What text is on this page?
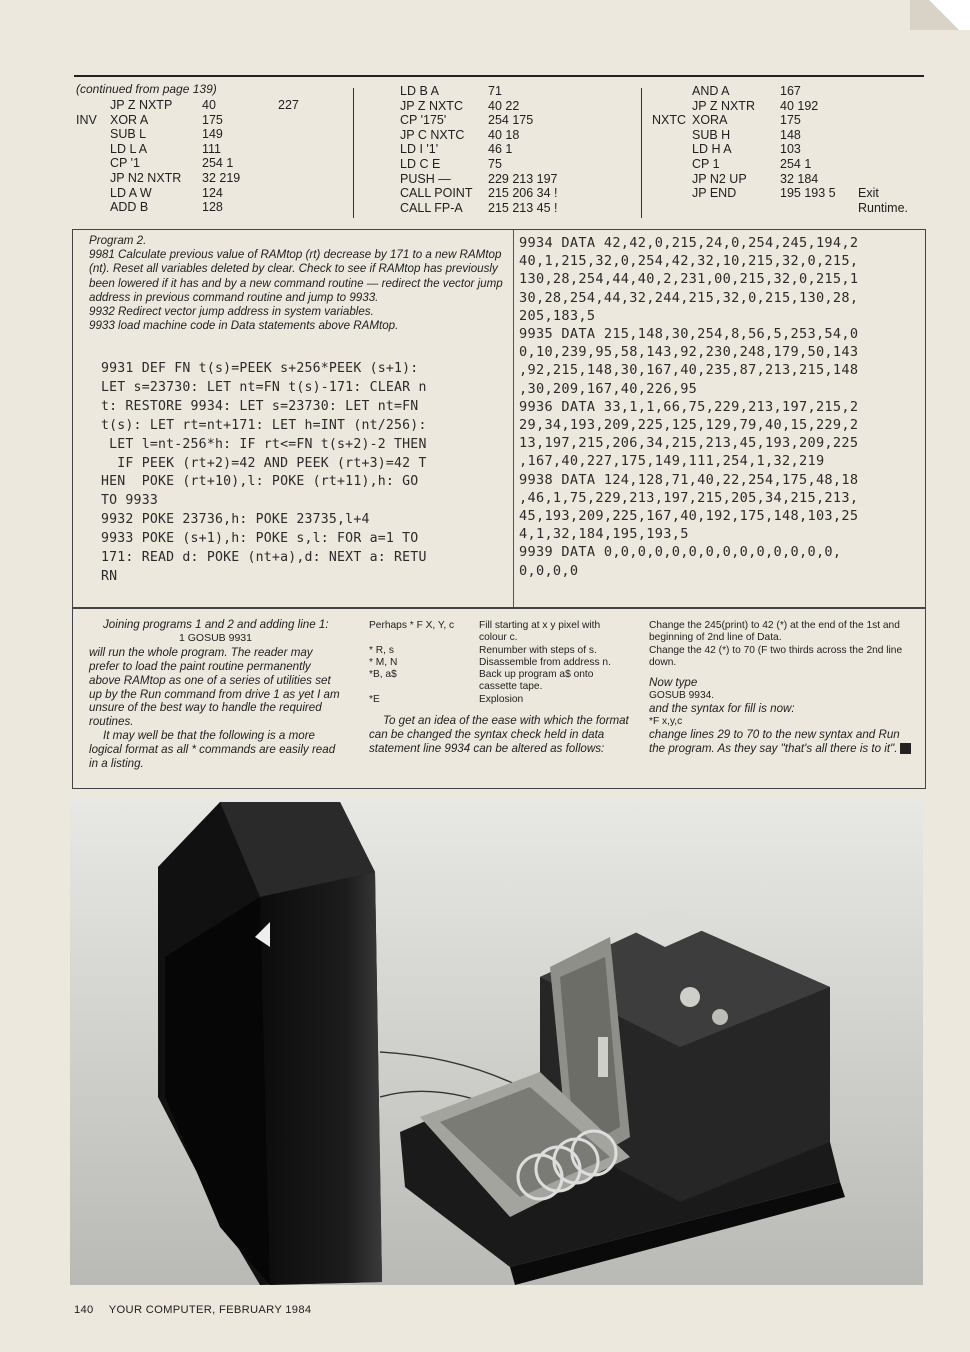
(continued from page 139)
JP Z NXTP 40	227
INV XOR A	175
SUB L	149
LD L A	111
CP '1	254 1
JP N2 NXTR 32 219
LD A W	124
ADD B	128
LD B A	71
JP Z NXTC 40 22
CP '175'	254 175
JP C NXTC 40 18
LD I '1'	46 1
LD C E	75
PUSH —	229 213 197
CALL POINT 215 206 34 !
CALL FP-A 215 213 45 !
AND A	167
JP Z NXTR 40 192
NXTC XORA	175
SUB H	148
LD H A	103
CP 1	254 1
JP N2 UP	32 184
JP END	195 193 5 Exit
Runtime.
Program 2.
9981 Calculate previous value of RAMtop (rt) decrease by 171 to a new RAMtop (nt). Reset all variables deleted by clear. Check to see if RAMtop has previously been lowered if it has and by a new command routine — redirect the vector jump address in previous command routine and jump to 9933.
9932 Redirect vector jump address in system variables.
9933 load machine code in Data statements above RAMtop.
9931 DEF FN t(s)=PEEK s+256*PEEK (s+1):
LET s=23730: LET nt=FN t(s)-171: CLEAR n
t: RESTORE 9934: LET s=23730: LET nt=FN
t(s): LET rt=nt+171: LET h=INT (nt/256):
LET l=nt-256*h: IF rt<=FN t(s+2)-2 THEN
IF PEEK (rt+2)=42 AND PEEK (rt+3)=42 T
HEN  POKE (rt+10),l: POKE (rt+11),h: GO
TO 9933
9932 POKE 23736,h: POKE 23735,l+4
9933 POKE (s+1),h: POKE s,l: FOR a=1 TO
171: READ d: POKE (nt+a),d: NEXT a: RETU
RN
9934 DATA 42,42,0,215,24,0,254,245,194,2
40,1,215,32,0,254,42,32,10,215,32,0,215,
130,28,254,44,40,2,231,00,215,32,0,215,1
30,28,254,44,32,244,215,32,0,215,130,28,
205,183,5
9935 DATA 215,148,30,254,8,56,5,253,54,0
0,10,239,95,58,143,92,230,248,179,50,143
,92,215,148,30,167,40,235,87,213,215,148
,30,209,167,40,226,95
9936 DATA 33,1,1,66,75,229,213,197,215,2
29,34,193,209,225,125,129,79,40,15,229,2
13,197,215,206,34,215,213,45,193,209,225
,167,40,227,175,149,111,254,1,32,219
9938 DATA 124,128,71,40,22,254,175,48,18
,46,1,75,229,213,197,215,205,34,215,213,
45,193,209,225,167,40,192,175,148,103,25
4,1,32,184,195,193,5
9939 DATA 0,0,0,0,0,0,0,0,0,0,0,0,0,0,
0,0,0,0

Joining programs 1 and 2 and adding line 1:

1 GOSUB 9931

will run the whole program. The reader may prefer to load the paint routine permanently above RAMtop as one of a series of utilities set up by the Run command from drive 1 as yet I am unsure of the best way to handle the required routines.

It may well be that the following is a more logical format as all * commands are easily read in a listing.

Perhaps * F X, Y, c	Fill starting at x y pixel with colour c.
* R, s	Renumber with steps of s.
* M, N	Disassemble from address n.
*B, a$	Back up program a$ onto cassette tape.
*E	Explosion
To get an idea of the ease with which the format can be changed the syntax check held in data statement line 9934 can be altered as follows:
Change the 245(print) to 42 (*) at the end of the 1st and beginning of 2nd line of Data.
Change the 42 (*) to 70 (F two thirds across the 2nd line down.
Now type
GOSUB 9934.
and the syntax for fill is now:
*F x,y,c
change lines 29 to 70 to the new syntax and Run the program. As they say "that's all there is to it".
140 YOUR COMPUTER, FEBRUARY 1984
